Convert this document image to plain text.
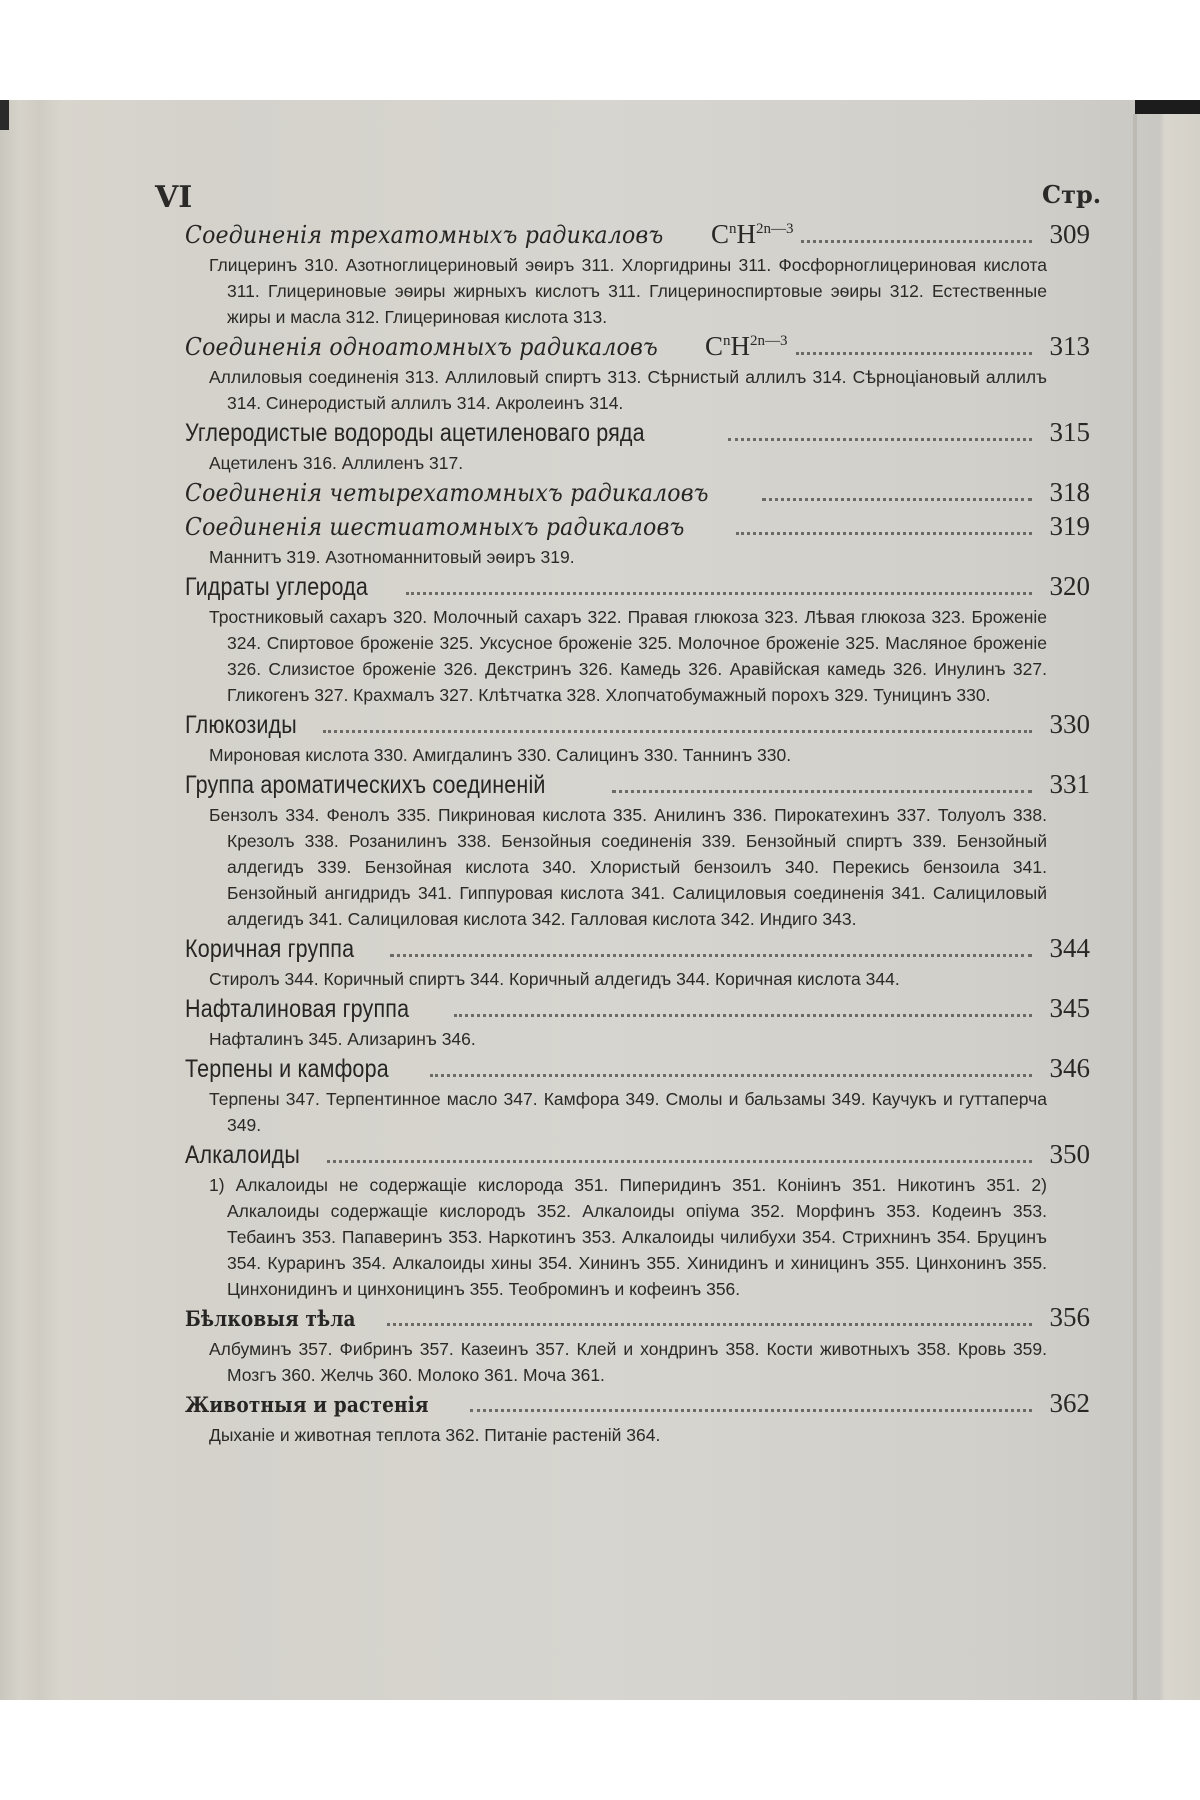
VI	Стр.
Соединенія трехатомныхъ радикаловъ $C^nH^{2n—3}$	309
Глицеринъ 310. Азотноглицериновый эѳиръ 311. Хлоргидрины 311. Фосфорноглицериновая кислота 311. Глицериновые эѳиры жирныхъ кислотъ 311. Глицериноспиртовые эѳиры 312. Естественные жиры и масла 312. Глицериновая кислота 313.
Соединенія одноатомныхъ радикаловъ $C^nH^{2n—3}$	313
Аллиловыя соединенія 313. Аллиловый спиртъ 313. Сѣрнистый аллилъ 314. Сѣрноціановый аллилъ 314. Синеродистый аллилъ 314. Акролеинъ 314.
Углеродистые водороды ацетиленоваго ряда	315
Ацетиленъ 316. Аллиленъ 317.
Соединенія четырехатомныхъ радикаловъ	318
Соединенія шестиатомныхъ радикаловъ	319
Маннитъ 319. Азотноманнитовый эѳиръ 319.
Гидраты углерода	320
Тростниковый сахаръ 320. Молочный сахаръ 322. Правая глюкоза 323. Лѣвая глюкоза 323. Броженіе 324. Спиртовое броженіе 325. Уксусное броженіе 325. Молочное броженіе 325. Масляное броженіе 326. Слизистое броженіе 326. Декстринъ 326. Камедь 326. Аравійская камедь 326. Инулинъ 327. Гликогенъ 327. Крахмалъ 327. Клѣтчатка 328. Хлопчатобумажный порохъ 329. Туницинъ 330.
Глюкозиды	330
Мироновая кислота 330. Амигдалинъ 330. Салицинъ 330. Таннинъ 330.
Группа ароматическихъ соединеній	331
Бензолъ 334. Фенолъ 335. Пикриновая кислота 335. Анилинъ 336. Пирокатехинъ 337. Толуолъ 338. Крезолъ 338. Розанилинъ 338. Бензойныя соединенія 339. Бензойный спиртъ 339. Бензойный алдегидъ 339. Бензойная кислота 340. Хлористый бензоилъ 340. Перекись бензоила 341. Бензойный ангидридъ 341. Гиппуровая кислота 341. Салициловыя соединенія 341. Салициловый алдегидъ 341. Салициловая кислота 342. Галловая кислота 342. Индиго 343.
Коричная группа	344
Стиролъ 344. Коричный спиртъ 344. Коричный алдегидъ 344. Коричная кислота 344.
Нафталиновая группа	345
Нафталинъ 345. Ализаринъ 346.
Терпены и камфора	346
Терпены 347. Терпентинное масло 347. Камфора 349. Смолы и бальзамы 349. Каучукъ и гуттаперча 349.
Алкалоиды	350
1) Алкалоиды не содержащіе кислорода 351. Пиперидинъ 351. Коніинъ 351. Никотинъ 351. 2) Алкалоиды содержащіе кислородъ 352. Алкалоиды опіума 352. Морфинъ 353. Кодеинъ 353. Тебаинъ 353. Папаверинъ 353. Наркотинъ 353. Алкалоиды чилибухи 354. Стрихнинъ 354. Бруцинъ 354. Кураринъ 354. Алкалоиды хины 354. Хининъ 355. Хинидинъ и хиницинъ 355. Цинхонинъ 355. Цинхонидинъ и цинхоницинъ 355. Теоброминъ и кофеинъ 356.
Бѣлковыя тѣла	356
Албуминъ 357. Фибринъ 357. Казеинъ 357. Клей и хондринъ 358. Кости животныхъ 358. Кровь 359. Мозгъ 360. Желчь 360. Молоко 361. Моча 361.
Животныя и растенія	362
Дыханіе и животная теплота 362. Питаніе растеній 364.
